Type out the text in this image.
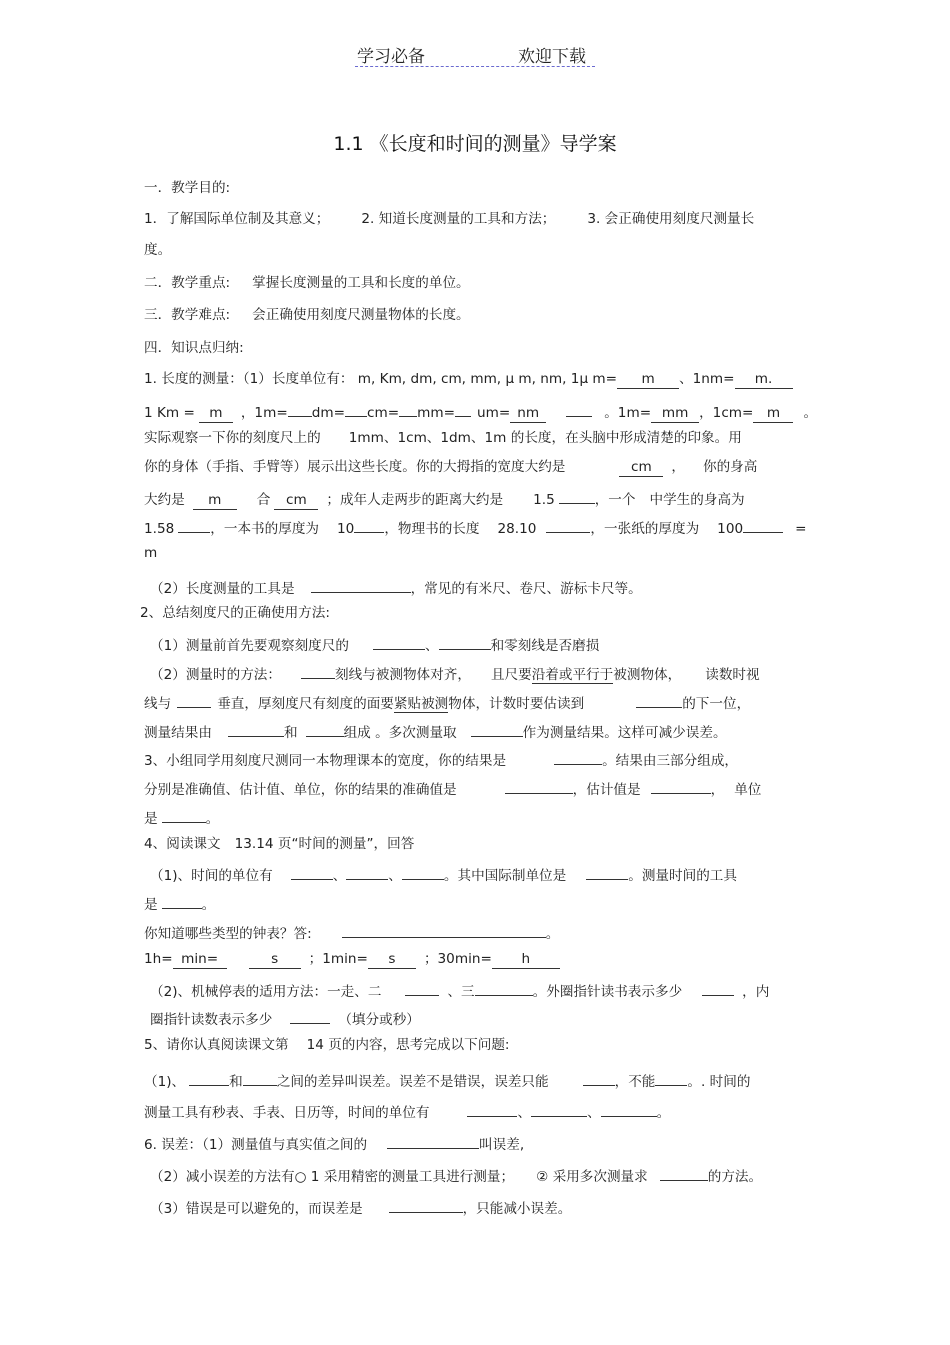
学习必备	欢迎下载
1.1 《长度和时间的测量》导学案
一．教学目的:
1．了解国际单位制及其意义； 2. 知道长度测量的工具和方法； 3. 会正确使用刻度尺测量长
度。
二．教学重点: 掌握长度测量的工具和长度的单位。
三．教学难点: 会正确使用刻度尺测量物体的长度。
四．知识点归纳:
1. 长度的测量：（1）长度单位有： m, Km, dm, cm, mm, μ m, nm, 1μ m= m 、1nm= m.
1 Km = m ，1m= dm= cm= mm= um= nm	。1m= mm ，1cm= m 。
实际观察一下你的刻度尺上的 1mm、1cm、1dm、1m 的长度，在头脑中形成清楚的印象。用
你的身体（手指、手臂等）展示出这些长度。你的大拇指的宽度大约是	cm ， 你的身高
大约是 m	合 cm ；成年人走两步的距离大约是 1.5	，一个 中学生的身高为
1.58	，一本书的厚度为 10 ，物理书的长度 28.10	，一张纸的厚度为 100	=
m
（2）长度测量的工具是	，常见的有米尺、卷尺、游标卡尺等。
2、总结刻度尺的正确使用方法:
（1）测量前首先要观察刻度尺的	、	和零刻线是否磨损
（2）测量时的方法：	刻线与被测物体对齐， 且尺要沿着或平行于被测物体， 读数时视
线与	垂直，厚刻度尺有刻度的面要紧贴被测物体，计数时要估读到	的下一位，
测量结果由	和	组成 。多次测量取	作为测量结果。这样可减少误差。
3、小组同学用刻度尺测同一本物理课本的宽度，你的结果是	。结果由三部分组成，
分别是准确值、估计值、单位，你的结果的准确值是	，估计值是	， 单位
是	。
4、阅读课文 13.14 页“时间的测量”，回答
（1)、时间的单位有	、	、	。其中国际制单位是	。测量时间的工具
是	。
你知道哪些类型的钟表？答:	。
1h= min=	s ；1min= s ；30min= h
（2)、机械停表的适用方法：一走、二	、三	。外圈指针读书表示多少	，内
圈指针读数表示多少	（填分或秒）
5、请你认真阅读课文第 14 页的内容，思考完成以下问题:
（1)、	和	之间的差异叫误差。误差不是错误，误差只能	，不能 。. 时间的
测量工具有秒表、手表、日历等，时间的单位有	、	、	。
6. 误差：（1）测量值与真实值之间的	叫误差,
（2）减小误差的方法有○ 1 采用精密的测量工具进行测量； ② 采用多次测量求	的方法。
（3）错误是可以避免的，而误差是	，只能减小误差。
